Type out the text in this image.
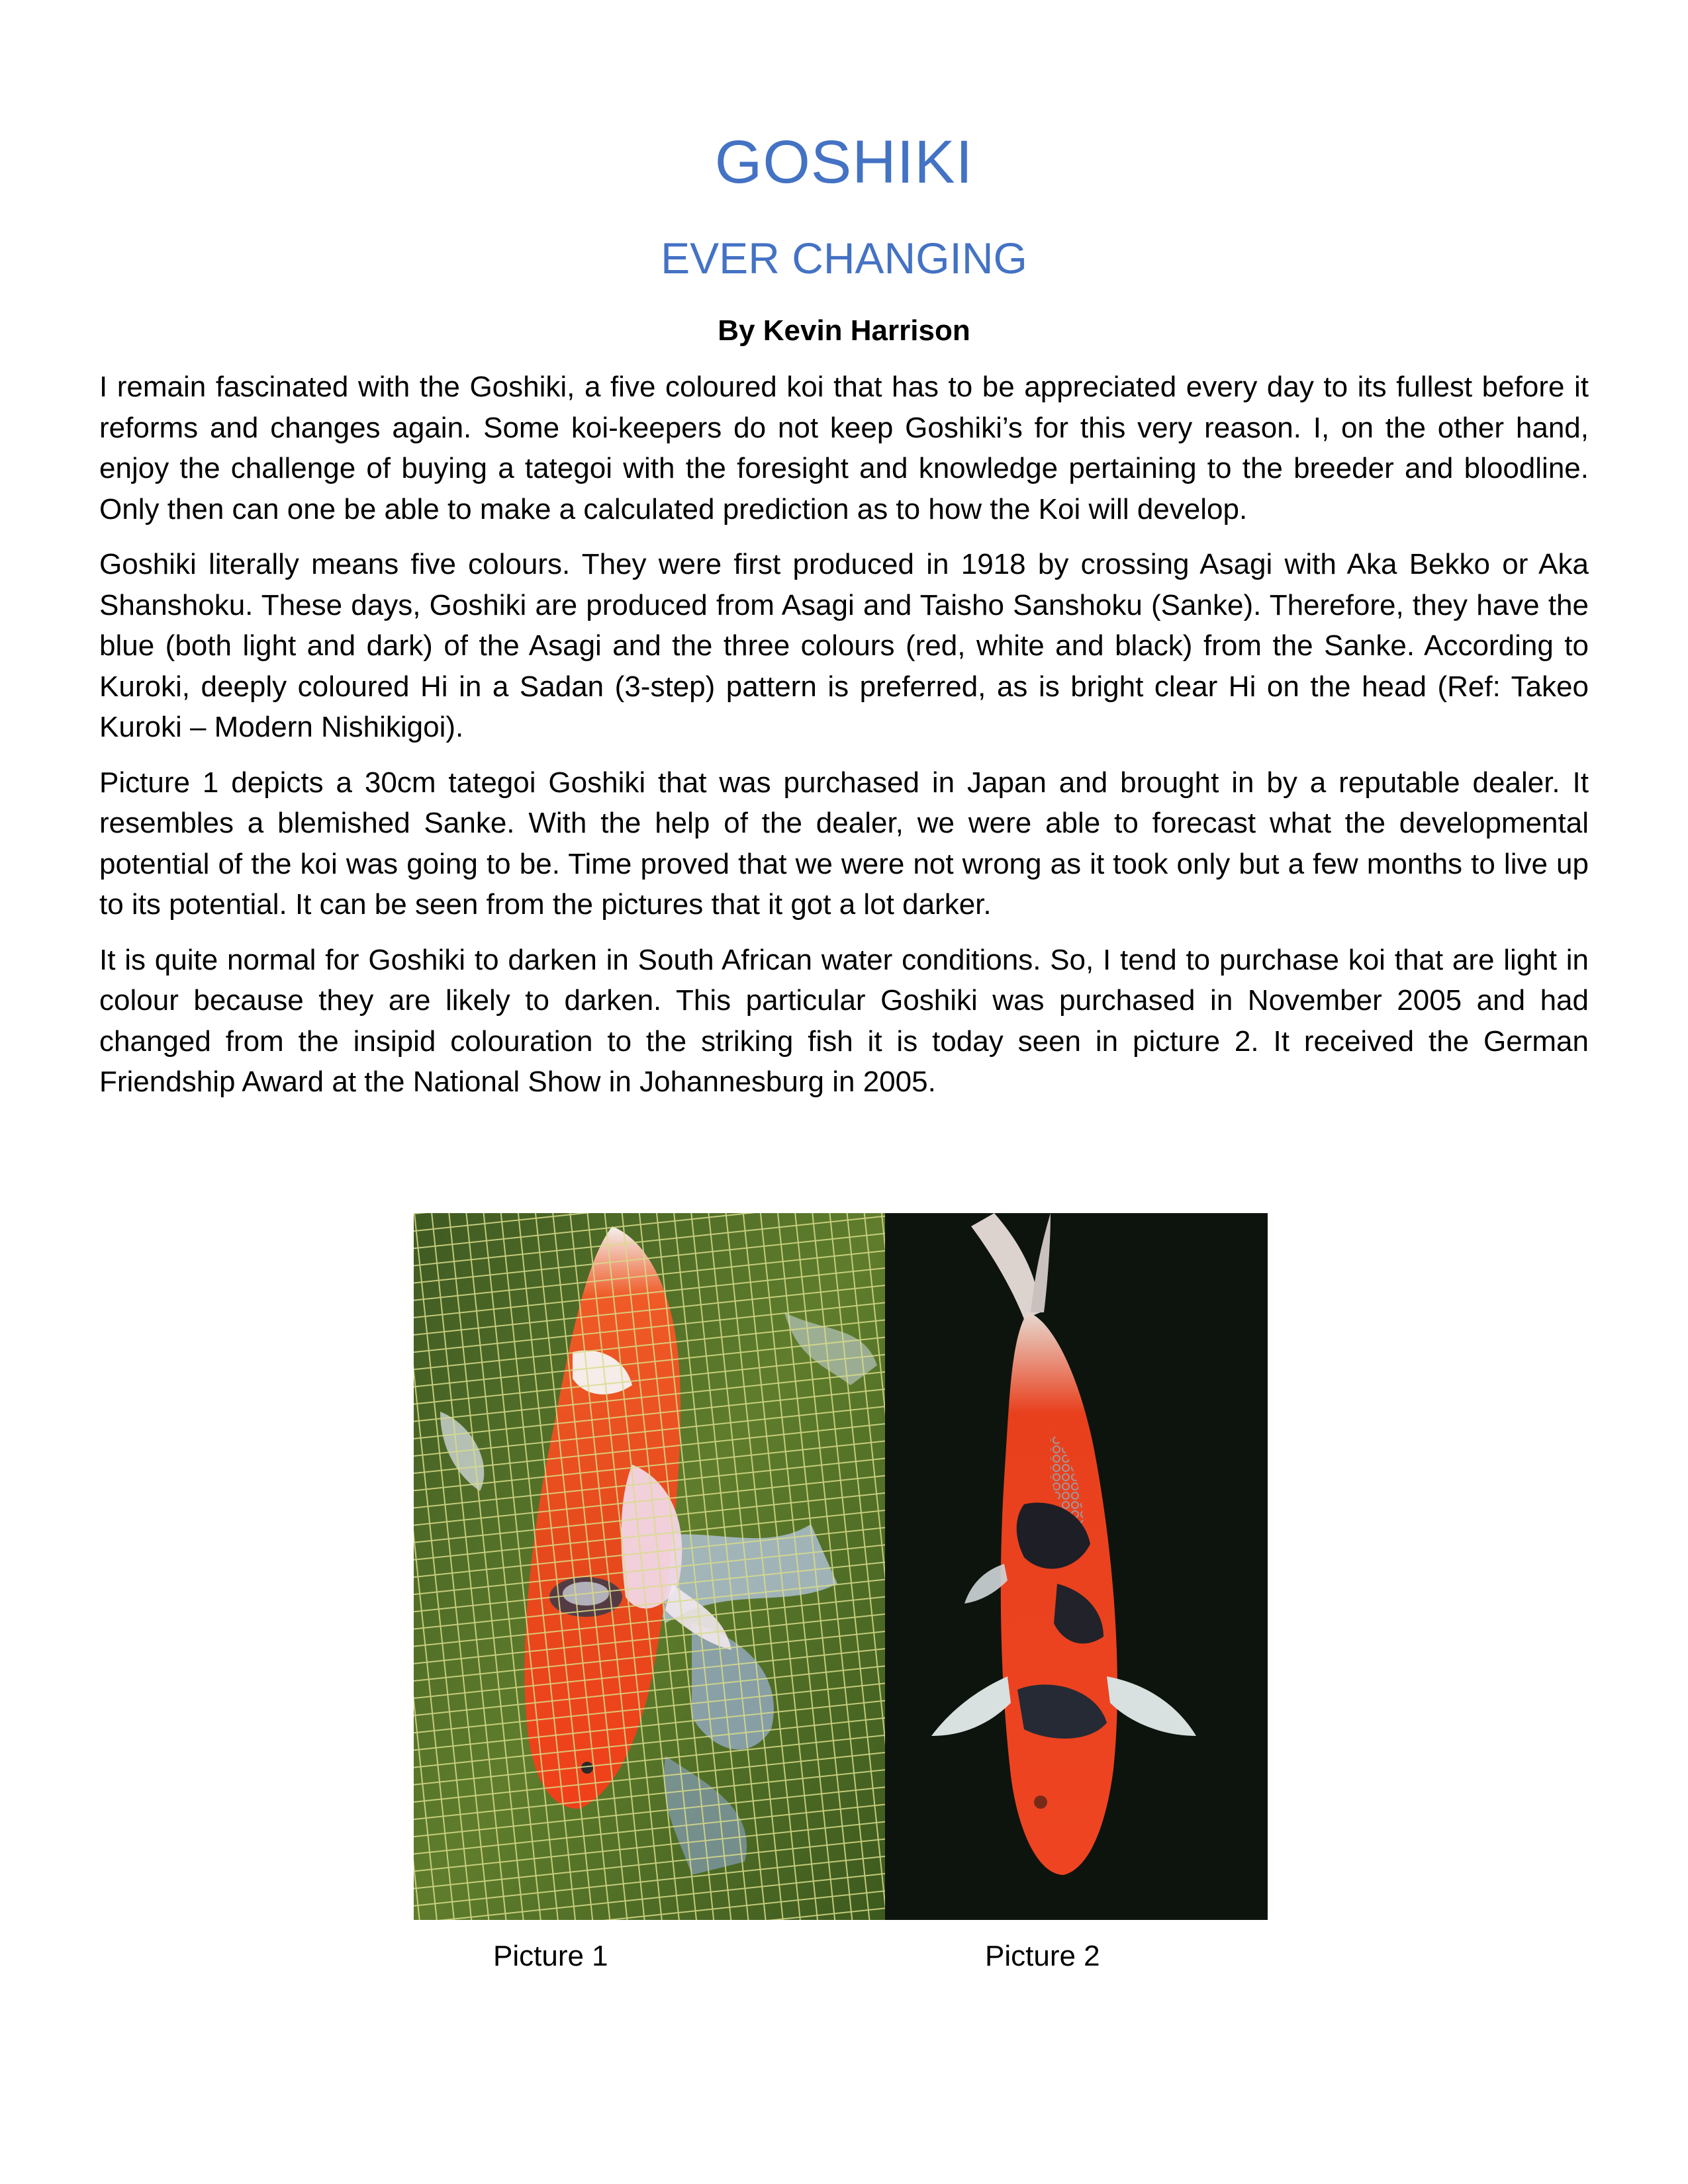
GOSHIKI
EVER CHANGING
By Kevin Harrison

I remain fascinated with the Goshiki, a five coloured koi that has to be appreciated every day to its fullest before it reforms and changes again. Some koi-keepers do not keep Goshiki’s for this very reason. I, on the other hand, enjoy the challenge of buying a tategoi with the foresight and knowledge pertaining to the breeder and bloodline. Only then can one be able to make a calculated prediction as to how the Koi will develop.

Goshiki literally means five colours. They were first produced in 1918 by crossing Asagi with Aka Bekko or Aka Shanshoku. These days, Goshiki are produced from Asagi and Taisho Sanshoku (Sanke). Therefore, they have the blue (both light and dark) of the Asagi and the three colours (red, white and black) from the Sanke. According to Kuroki, deeply coloured Hi in a Sadan (3-step) pattern is preferred, as is bright clear Hi on the head (Ref: Takeo Kuroki – Modern Nishikigoi).

Picture 1 depicts a 30cm tategoi Goshiki that was purchased in Japan and brought in by a reputable dealer. It resembles a blemished Sanke. With the help of the dealer, we were able to forecast what the developmental potential of the koi was going to be. Time proved that we were not wrong as it took only but a few months to live up to its potential. It can be seen from the pictures that it got a lot darker.

It is quite normal for Goshiki to darken in South African water conditions. So, I tend to purchase koi that are light in colour because they are likely to darken. This particular Goshiki was purchased in November 2005 and had changed from the insipid colouration to the striking fish it is today seen in picture 2. It received the German Friendship Award at the National Show in Johannesburg in 2005.

Picture 1	Picture 2
